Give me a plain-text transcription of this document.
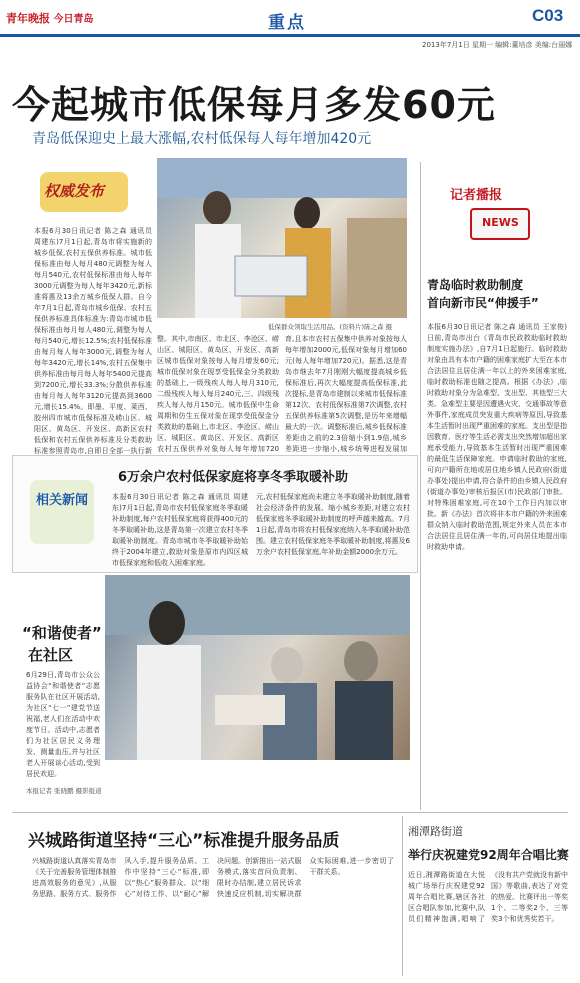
青年晚报 今日青岛	重点	C03
2013年7月1日 星期一 编辑:董培彦 美编:台丽娜
今起城市低保每月多发60元
青岛低保迎史上最大涨幅,农村低保每人每年增加420元
权威发布
本报6月30日讯记者 陈之森 通讯员 周建东)7月1日起,青岛市将实施新的城乡低保,农村五保供养标准。城市低保标准由每人每月480元调整为每人每月540元,农村低保标准由每人每年3000元调整为每人每年3420元,新标准将惠及13余万城乡低保人群。自今年7月1日起,青岛市城乡低保、农村五保供养标准具体标准为:青岛市城市低保标准由每月每人480元,调整为每人每月540元,增长12.5%;农村低保标准由每月每人每年3000元,调整为每人每年3420元,增长14%,农村五保集中供养标准由每月每人每年5400元提高到7200元,增长33.3%;分散供养标准由每月每人每年3120元提高到3600元,增长15.4%。即墨、平度、莱西、胶州四市城市低保标准及崂山区、城阳区、黄岛区、开发区、高新区农村低保和农村五保供养标准及分类救助标准参照青岛市,自即日全部一执行新
低保群众领取生活用品。(资料片)陈之森 摄
整。其中,市南区、市北区、李沧区、崂山区、城阳区、黄岛区、开发区、高新区城市低保对象按每人每月增发60元;城市低保对象在现享受低保金分类救助的基础上,一级残疾人每人每月310元,二级残疾人每人每月240元,三、四级残疾人每人每月150元。城市低保中生命周期和仿生五保对象在现享受低保金分类救助的基础上,市北区、李沧区、崂山区、城阳区、黄岛区、开发区、高新区农村五保供养对象每人每年增加720
育,且本市农村五保集中供养对象按每人每年增加2000元,低保对象每月增加60元(每人每年增加720元)。据悉,这是青岛市继去年7月刚刚大幅度提高城乡低保标准后,再次大幅度提高低保标准,此次提标,是青岛市建制以来城市低保标准第12次、农村低保标准第7次调整,农村五保供养标准第5次调整,是历年来增幅最大的一次。调整标准后,城乡低保标准差距由之前的2.3倍缩小到1.9倍,城乡差距进一步缩小,城乡统筹进程发展加
记者播报
NEWS
青岛临时救助制度
首向新市民“伸援手”
本报6月30日讯记者 陈之森 通讯员 王家俊)日前,青岛市出台《青岛市民政救助临时救助制度实施办法》,自7月1日起施行。临时救助对象由具有本市户籍的困难家庭扩大至在本市合法居住且居住满一年以上的外来困难家庭,临时救助标准也随之提高。根据《办法》,临时救助对象分为急难型、支出型、其他型三大类。急难型主要是因遭遇火灾、交通事故等意外事件,家庭成员突发重大疾病等原因,导致基本生活暂时出现严重困难的家庭。支出型是指因教育、医疗等生活必需支出突然增加超出家庭承受能力,导致基本生活暂时出现严重困难的最低生活保障家庭。申请临时救助的家庭,可向户籍所在地或居住地乡镇人民政府(街道办事处)提出申请,符合条件的由乡镇人民政府(街道办事处)审核后报区(市)民政部门审批。对特殊困难家庭,可在10个工作日内加以审批。新《办法》首次将非本市户籍的外来困难群众纳入临时救助范围,规定外来人员在本市合法居住且居住满一年的,可向居住地提出临时救助申请。
相关新闻
6万余户农村低保家庭将享冬季取暖补助
本报6月30日讯记者 陈之森 通讯员 周建东)7月1日起,青岛市农村低保家庭冬季取暖补助制度,每户农村低保家庭将获得400元的冬季取暖补助,这是青岛第一次建立农村冬季取暖补助制度。青岛市城市冬季取暖补助始终于2004年建立,救助对象是原市内四区城市低保家庭和低收入困难家庭。
元,农村低保家庭尚未建立冬季取暖补助制度,随着社会经济条件的发展、缩小城乡差距,对建立农村低保家庭冬季取暖补助制度的呼声越来越高。7月1日起,青岛市将农村低保家庭纳入冬季取暖补助范围。建立农村低保家庭冬季取暖补助制度,将惠及6万余户农村低保家庭,年补助金额2000余万元。
“和谐使者”
在社区
6月29日,青岛市公众公益协会“和谐使者”志愿服务队在社区开展活动,为社区“七一”建党节送祝福,老人们在活动中欢度节日。活动中,志愿者们为社区居民义务理发、测量血压,并与社区老人开展谈心活动,受到居民欢迎。
本报记者 张晓鹏 摄影报道
兴城路街道坚持“三心”标准提升服务品质
兴城路街道认真落实青岛市《关于完善服务管理体制推进高效服务的意见》,从服务思路、服务方式、服务作风入手,提升服务品质。工作中坚持“三心”标准,即以“热心”服务群众、以“细心”对待工作、以“耐心”解决问题。创新推出一站式服务模式,落实首问负责制、限时办结制,建立居民诉求快速反应机制,切实解决群众实际困难,进一步密切了干群关系。
湘潭路街道
举行庆祝建党92周年合唱比赛
近日,湘潭路街道在大悦城广场举行庆祝建党92周年合唱比赛,辖区各社区合唱队参加,比赛中,队员们精神饱满,唱响了《没有共产党就没有新中国》等歌曲,表达了对党的热爱。比赛评出一等奖1个、二等奖2个、三等奖3个和优秀奖若干。
